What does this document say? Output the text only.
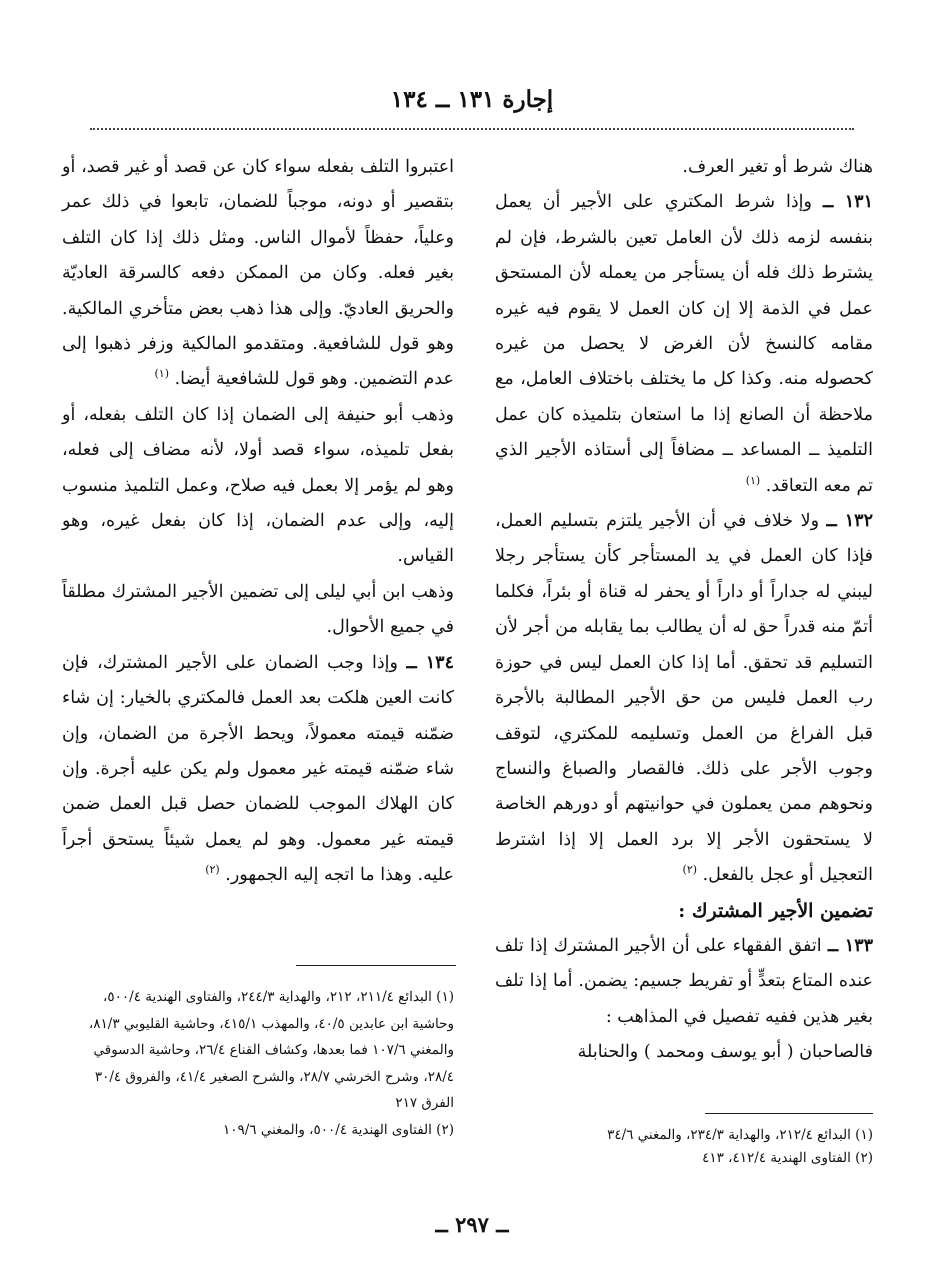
إجارة ١٣١ ــ ١٣٤

هناك شرط أو تغير العرف.

١٣١ ــ وإذا شرط المكتري على الأجير أن يعمل بنفسه لزمه ذلك لأن العامل تعين بالشرط، فإن لم يشترط ذلك فله أن يستأجر من يعمله لأن المستحق عمل في الذمة إلا إن كان العمل لا يقوم فيه غيره مقامه كالنسخ لأن الغرض لا يحصل من غيره كحصوله منه. وكذا كل ما يختلف باختلاف العامل، مع ملاحظة أن الصانع إذا ما استعان بتلميذه كان عمل التلميذ ــ المساعد ــ مضافاً إلى أستاذه الأجير الذي تم معه التعاقد. $^{(١)}$

١٣٢ ــ ولا خلاف في أن الأجير يلتزم بتسليم العمل، فإذا كان العمل في يد المستأجر كأن يستأجر رجلا ليبني له جداراً أو داراً أو يحفر له قناة أو بئراً، فكلما أتمّ منه قدراً حق له أن يطالب بما يقابله من أجر لأن التسليم قد تحقق. أما إذا كان العمل ليس في حوزة رب العمل فليس من حق الأجير المطالبة بالأجرة قبل الفراغ من العمل وتسليمه للمكتري، لتوقف وجوب الأجر على ذلك. فالقصار والصباغ والنساج ونحوهم ممن يعملون في حوانيتهم أو دورهم الخاصة لا يستحقون الأجر إلا برد العمل إلا إذا اشترط التعجيل أو عجل بالفعل. $^{(٢)}$

تضمين الأجير المشترك :

١٣٣ ــ اتفق الفقهاء على أن الأجير المشترك إذا تلف عنده المتاع بتعدٍّ أو تفريط جسيم: يضمن. أما إذا تلف بغير هذين ففيه تفصيل في المذاهب :

فالصاحبان ( أبو يوسف ومحمد ) والحنابلة

اعتبروا التلف بفعله سواء كان عن قصد أو غير قصد، أو بتقصير أو دونه، موجباً للضمان، تابعوا في ذلك عمر وعلياً، حفظاً لأموال الناس. ومثل ذلك إذا كان التلف بغير فعله. وكان من الممكن دفعه كالسرقة العاديّة والحريق العاديّ. وإلى هذا ذهب بعض متأخري المالكية. وهو قول للشافعية. ومتقدمو المالكية وزفر ذهبوا إلى عدم التضمين. وهو قول للشافعية أيضا. $^{(١)}$

وذهب أبو حنيفة إلى الضمان إذا كان التلف بفعله، أو بفعل تلميذه، سواء قصد أولا، لأنه مضاف إلى فعله، وهو لم يؤمر إلا بعمل فيه صلاح، وعمل التلميذ منسوب إليه، وإلى عدم الضمان، إذا كان بفعل غيره، وهو القياس.

وذهب ابن أبي ليلى إلى تضمين الأجير المشترك مطلقاً في جميع الأحوال.

١٣٤ ــ وإذا وجب الضمان على الأجير المشترك، فإن كانت العين هلكت بعد العمل فالمكتري بالخيار: إن شاء ضمّنه قيمته معمولاً، ويحط الأجرة من الضمان، وإن شاء ضمّنه قيمته غير معمول ولم يكن عليه أجرة. وإن كان الهلاك الموجب للضمان حصل قبل العمل ضمن قيمته غير معمول. وهو لم يعمل شيئاً يستحق أجراً عليه. وهذا ما اتجه إليه الجمهور. $^{(٢)}$

(١) البدائع ٢١١/٤، ٢١٢، والهداية ٢٤٤/٣، والفتاوى الهندية ٥٠٠/٤، وحاشية ابن عابدين ٤٠/٥، والمهذب ٤١٥/١، وحاشية القليوبي ٨١/٣، والمغني ١٠٧/٦ فما بعدها، وكشاف القناع ٢٦/٤، وحاشية الدسوقي ٢٨/٤، وشرح الخرشي ٢٨/٧، والشرح الصغير ٤١/٤، والفروق ٣٠/٤ الفرق ٢١٧

(٢) الفتاوى الهندية ٥٠٠/٤، والمغني ١٠٩/٦	(١) البدائع ٢١٢/٤، والهداية ٢٣٤/٣، والمغني ٣٤/٦

(٢) الفتاوى الهندية ٤١٢/٤، ٤١٣

ــ ٢٩٧ ــ
